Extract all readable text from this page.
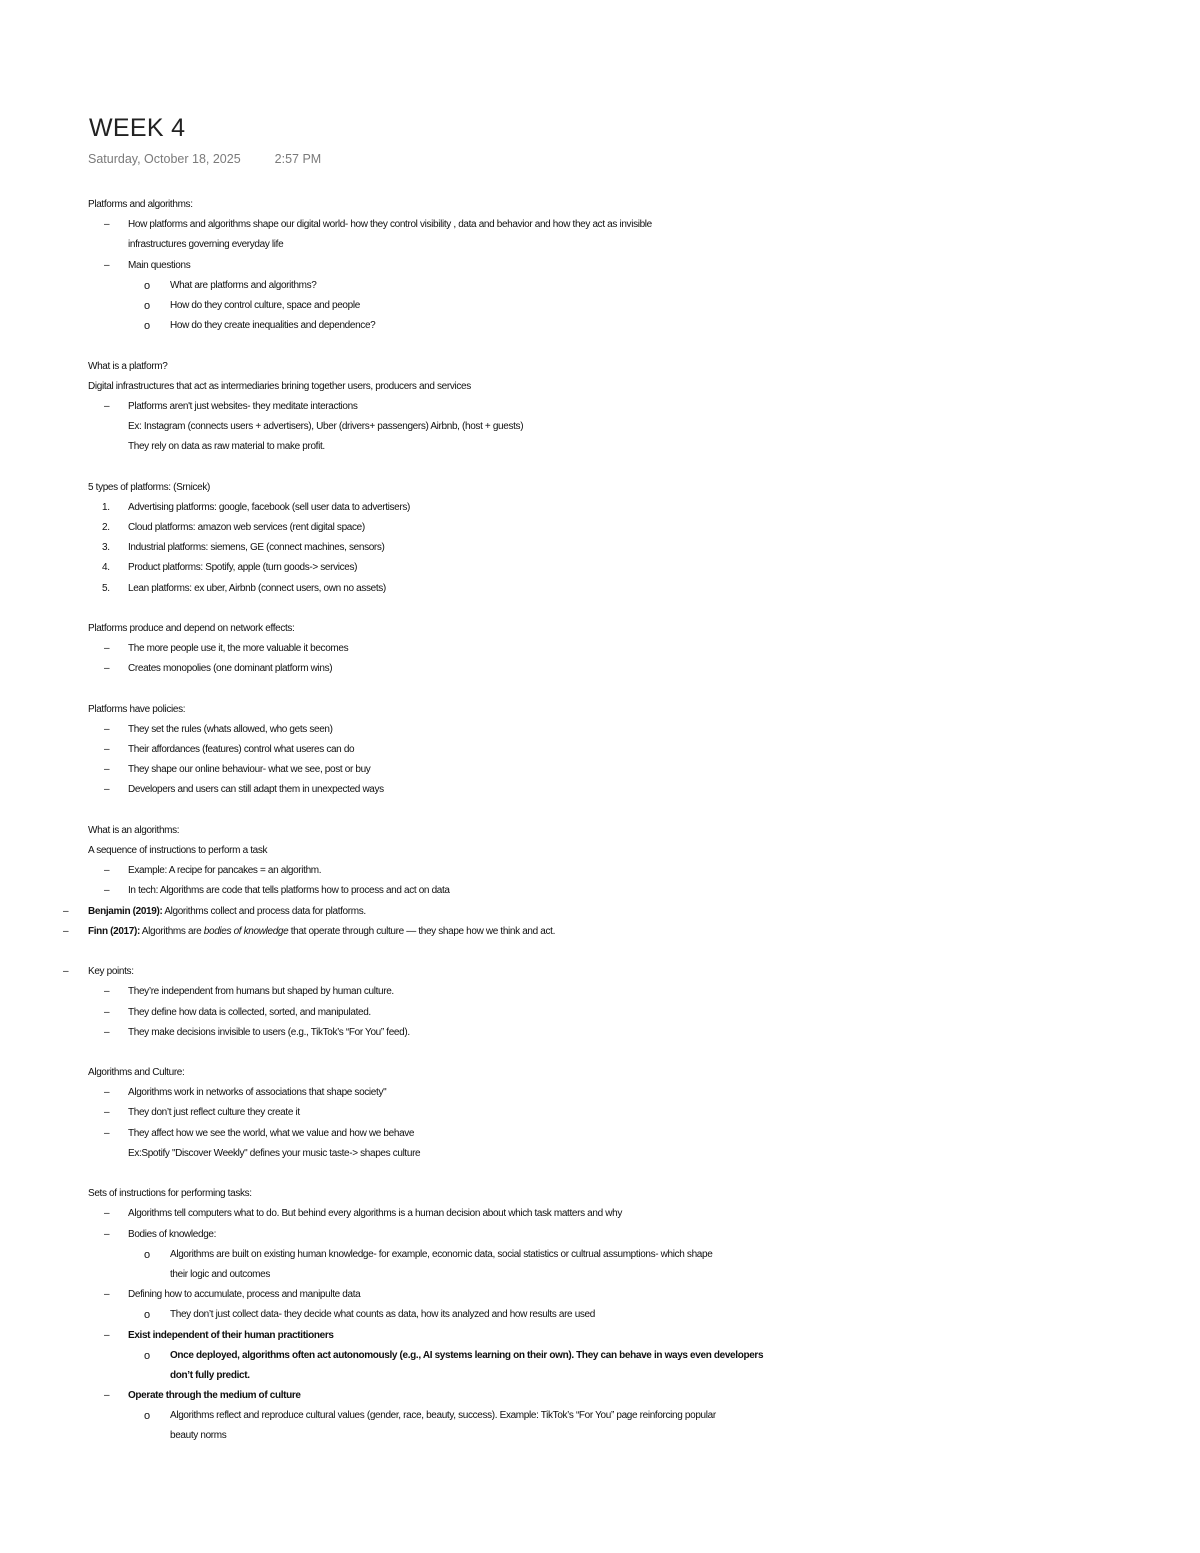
WEEK 4
Saturday, October 18, 2025	2:57 PM
Platforms and algorithms:
– How platforms and algorithms shape our digital world- how they control visibility , data and behavior and how they act as invisible
infrastructures governing everyday life
– Main questions
o What are platforms and algorithms?
o How do they control culture, space and people
o How do they create inequalities and dependence?
What is a platform?
Digital infrastructures that act as intermediaries brining together users, producers and services
– Platforms aren't just websites- they meditate interactions
Ex: Instagram (connects users + advertisers), Uber (drivers+ passengers) Airbnb, (host + guests)
They rely on data as raw material to make profit.
5 types of platforms: (Srnicek)
1. Advertising platforms: google, facebook (sell user data to advertisers)
2. Cloud platforms: amazon web services (rent digital space)
3. Industrial platforms: siemens, GE (connect machines, sensors)
4. Product platforms: Spotify, apple (turn goods-> services)
5. Lean platforms: ex uber, Airbnb (connect users, own no assets)
Platforms produce and depend on network effects:
– The more people use it, the more valuable it becomes
– Creates monopolies (one dominant platform wins)
Platforms have policies:
– They set the rules (whats allowed, who gets seen)
– Their affordances (features) control what useres can do
– They shape our online behaviour- what we see, post or buy
– Developers and users can still adapt them in unexpected ways
What is an algorithms:
A sequence of instructions to perform a task
– Example: A recipe for pancakes = an algorithm.
– In tech: Algorithms are code that tells platforms how to process and act on data
– Benjamin (2019): Algorithms collect and process data for platforms.
– Finn (2017): Algorithms are bodies of knowledge that operate through culture — they shape how we think and act.
– Key points:
– They’re independent from humans but shaped by human culture.
– They define how data is collected, sorted, and manipulated.
– They make decisions invisible to users (e.g., TikTok’s “For You” feed).
Algorithms and Culture:
– Algorithms work in networks of associations that shape society"
– They don’t just reflect culture they create it
– They affect how we see the world, what we value and how we behave
Ex:Spotify "Discover Weekly" defines your music taste-> shapes culture
Sets of instructions for performing tasks:
– Algorithms tell computers what to do. But behind every algorithms is a human decision about which task matters and why
– Bodies of knowledge:
o Algorithms are built on existing human knowledge- for example, economic data, social statistics or cultrual assumptions- which shape
their logic and outcomes
– Defining how to accumulate, process and manipulte data
o They don’t just collect data- they decide what counts as data, how its analyzed and how results are used
– Exist independent of their human practitioners
o Once deployed, algorithms often act autonomously (e.g., AI systems learning on their own). They can behave in ways even developers
don’t fully predict.
– Operate through the medium of culture
o Algorithms reflect and reproduce cultural values (gender, race, beauty, success). Example: TikTok’s “For You” page reinforcing popular
beauty norms
